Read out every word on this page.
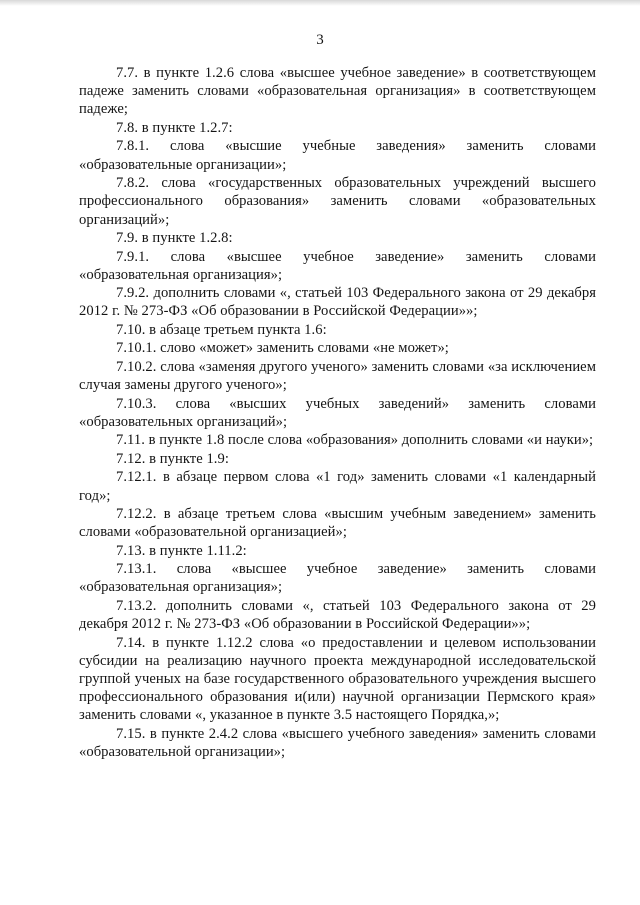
3

7.7. в пункте 1.2.6 слова «высшее учебное заведение» в соответствующем падеже заменить словами «образовательная организация» в соответствующем падеже;

7.8. в пункте 1.2.7:

7.8.1. слова «высшие учебные заведения» заменить словами «образовательные организации»;

7.8.2. слова «государственных образовательных учреждений высшего профессионального образования» заменить словами «образовательных организаций»;

7.9. в пункте 1.2.8:

7.9.1. слова «высшее учебное заведение» заменить словами «образовательная организация»;

7.9.2. дополнить словами «, статьей 103 Федерального закона от 29 декабря 2012 г. № 273-ФЗ «Об образовании в Российской Федерации»»;

7.10. в абзаце третьем пункта 1.6:

7.10.1. слово «может» заменить словами «не может»;

7.10.2. слова «заменяя другого ученого» заменить словами «за исключением случая замены другого ученого»;

7.10.3. слова «высших учебных заведений» заменить словами «образовательных организаций»;

7.11. в пункте 1.8 после слова «образования» дополнить словами «и науки»;

7.12. в пункте 1.9:

7.12.1. в абзаце первом слова «1 год» заменить словами «1 календарный год»;

7.12.2. в абзаце третьем слова «высшим учебным заведением» заменить словами «образовательной организацией»;

7.13. в пункте 1.11.2:

7.13.1. слова «высшее учебное заведение» заменить словами «образовательная организация»;

7.13.2. дополнить словами «, статьей 103 Федерального закона от 29 декабря 2012 г. № 273-ФЗ «Об образовании в Российской Федерации»»;

7.14. в пункте 1.12.2 слова «о предоставлении и целевом использовании субсидии на реализацию научного проекта международной исследовательской группой ученых на базе государственного образовательного учреждения высшего профессионального образования и(или) научной организации Пермского края» заменить словами «, указанное в пункте 3.5 настоящего Порядка,»;

7.15. в пункте 2.4.2 слова «высшего учебного заведения» заменить словами «образовательной организации»;
